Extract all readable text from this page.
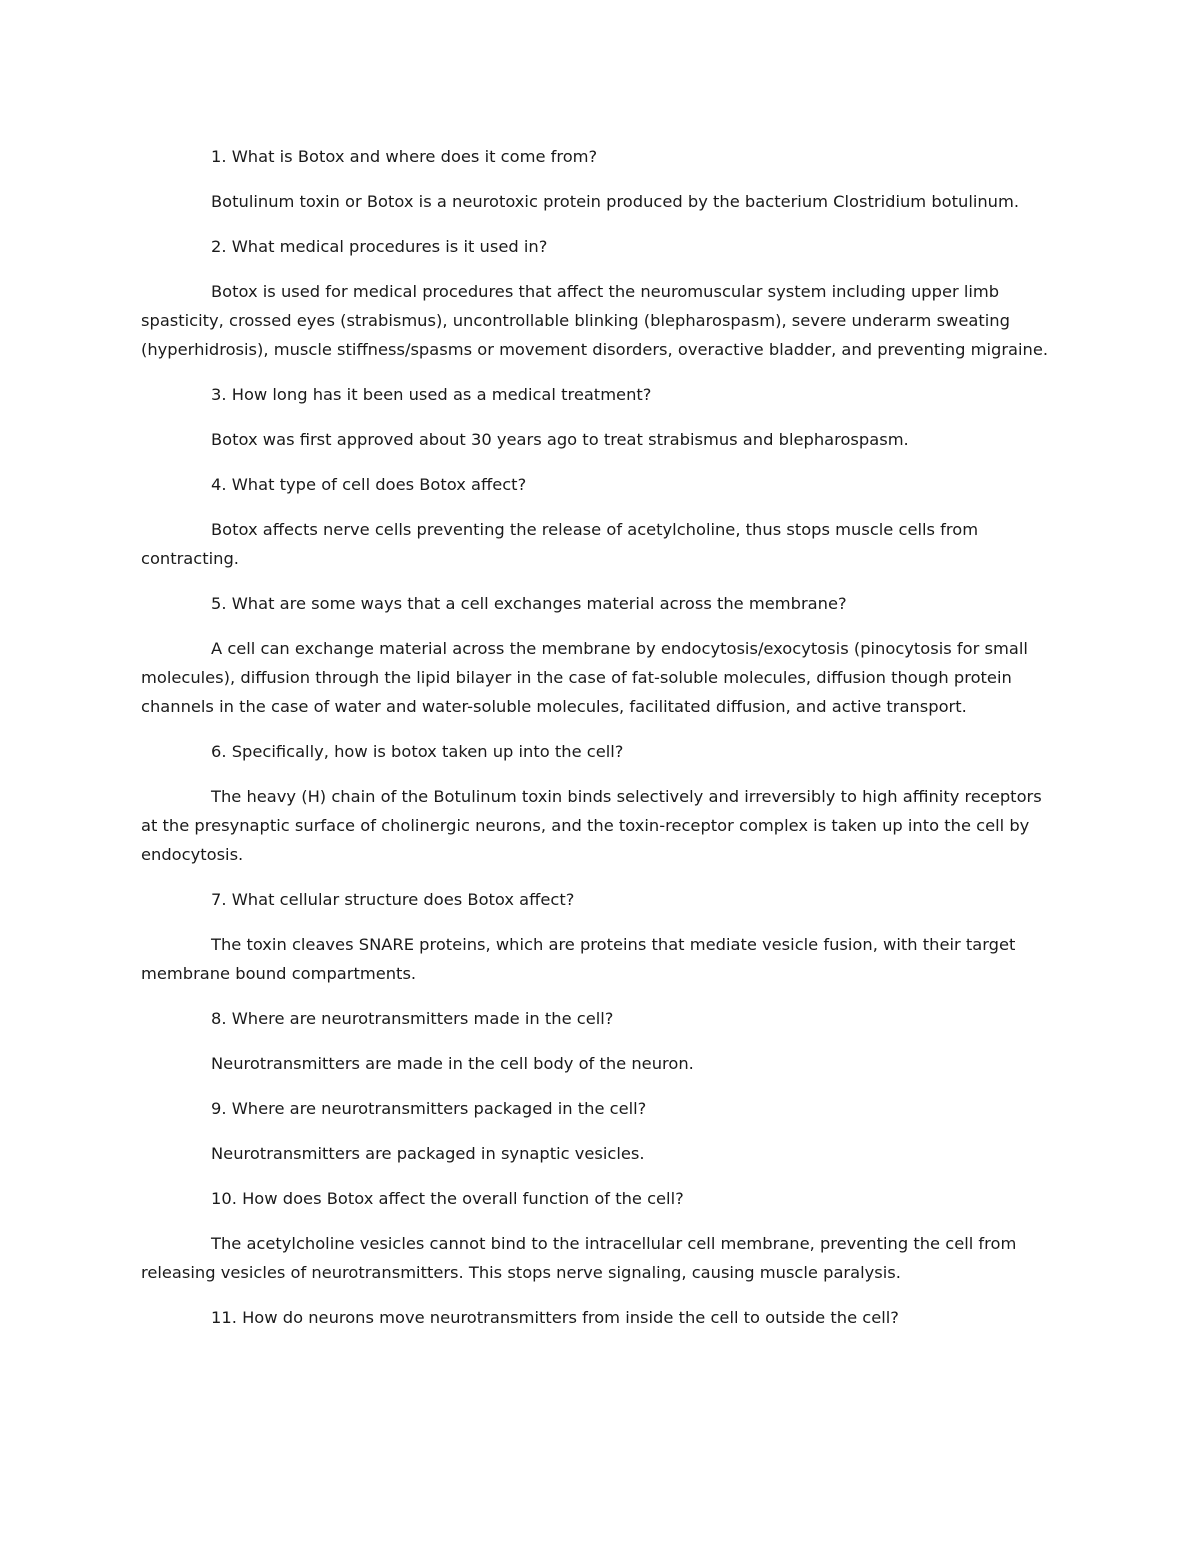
1. What is Botox and where does it come from?

Botulinum toxin or Botox is a neurotoxic protein produced by the bacterium Clostridium botulinum.

2. What medical procedures is it used in?

Botox is used for medical procedures that affect the neuromuscular system including upper limb spasticity, crossed eyes (strabismus), uncontrollable blinking (blepharospasm), severe underarm sweating (hyperhidrosis), muscle stiffness/spasms or movement disorders, overactive bladder, and preventing migraine.

3. How long has it been used as a medical treatment?

Botox was first approved about 30 years ago to treat strabismus and blepharospasm.

4. What type of cell does Botox affect?

Botox affects nerve cells preventing the release of acetylcholine, thus stops muscle cells from contracting.

5. What are some ways that a cell exchanges material across the membrane?

A cell can exchange material across the membrane by endocytosis/exocytosis (pinocytosis for small molecules), diffusion through the lipid bilayer in the case of fat-soluble molecules, diffusion though protein channels in the case of water and water-soluble molecules, facilitated diffusion, and active transport.

6. Specifically, how is botox taken up into the cell?

The heavy (H) chain of the Botulinum toxin binds selectively and irreversibly to high affinity receptors at the presynaptic surface of cholinergic neurons, and the toxin-receptor complex is taken up into the cell by endocytosis.

7. What cellular structure does Botox affect?

The toxin cleaves SNARE proteins, which are proteins that mediate vesicle fusion, with their target membrane bound compartments.

8. Where are neurotransmitters made in the cell?

Neurotransmitters are made in the cell body of the neuron.

9. Where are neurotransmitters packaged in the cell?

Neurotransmitters are packaged in synaptic vesicles.

10. How does Botox affect the overall function of the cell?

The acetylcholine vesicles cannot bind to the intracellular cell membrane, preventing the cell from releasing vesicles of neurotransmitters. This stops nerve signaling, causing muscle paralysis.

11. How do neurons move neurotransmitters from inside the cell to outside the cell?
